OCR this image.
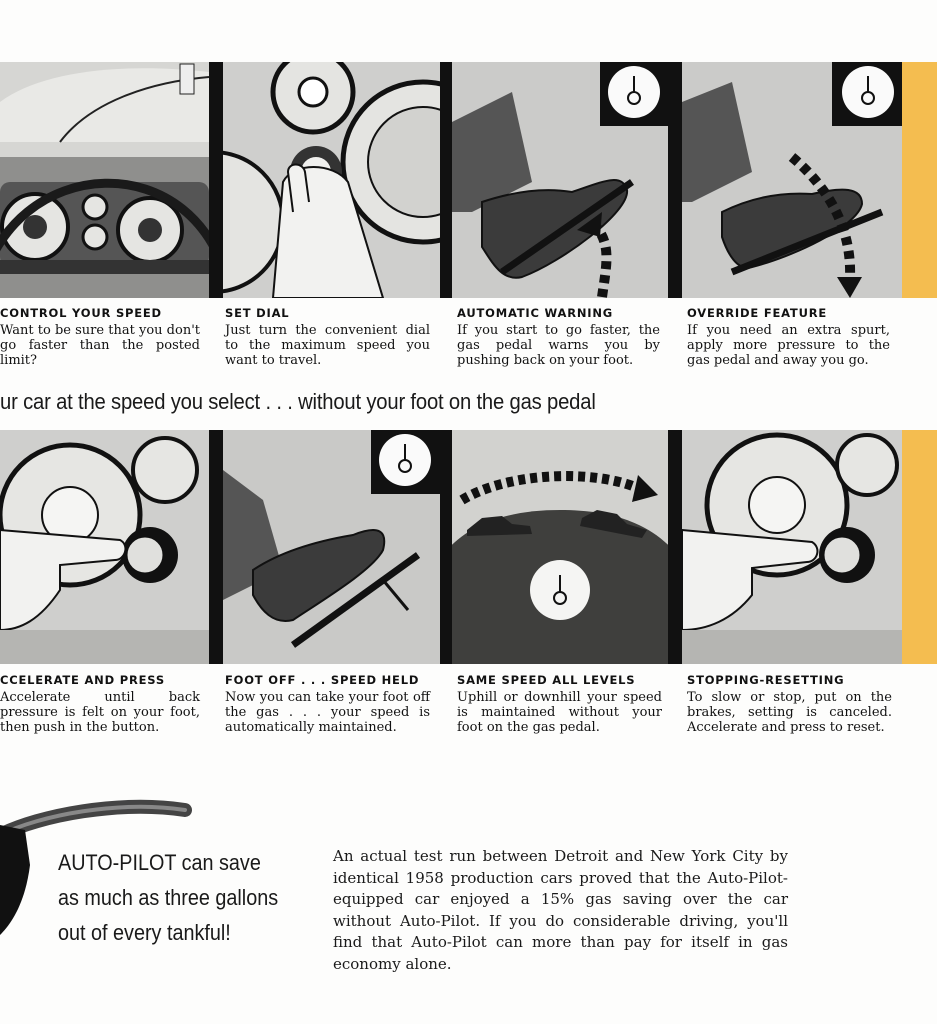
CONTROL YOUR SPEED
Want to be sure that you don't go faster than the posted limit?
SET DIAL
Just turn the convenient dial to the maximum speed you want to travel.
AUTOMATIC WARNING
If you start to go faster, the gas pedal warns you by pushing back on your foot.
OVERRIDE FEATURE
If you need an extra spurt, apply more pressure to the gas pedal and away you go.
ur car at the speed you select . . . without your foot on the gas pedal
CCELERATE AND PRESS
Accelerate until back pressure is felt on your foot, then push in the button.
FOOT OFF . . . SPEED HELD
Now you can take your foot off the gas . . . your speed is automatically maintained.
SAME SPEED ALL LEVELS
Uphill or downhill your speed is maintained without your foot on the gas pedal.
STOPPING-RESETTING
To slow or stop, put on the brakes, setting is canceled. Accelerate and press to reset.
AUTO-PILOT can save as much as three gallons out of every tankful!
An actual test run between Detroit and New York City by identical 1958 production cars proved that the Auto-Pilot-equipped car enjoyed a 15% gas saving over the car without Auto-Pilot. If you do considerable driving, you'll find that Auto-Pilot can more than pay for itself in gas economy alone.
